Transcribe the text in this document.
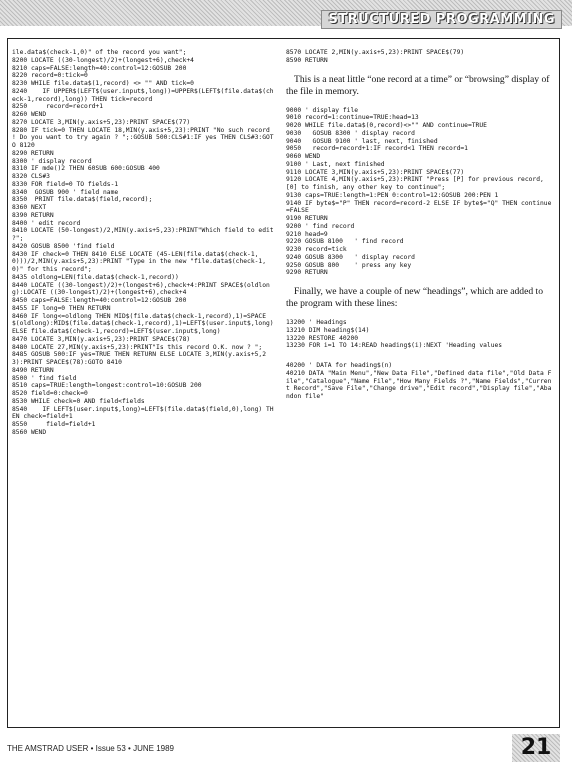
STRUCTURED PROGRAMMING
ile.data$(check-1,0)" of the record you want";
8200 LOCATE ((30-longest)/2)+(longest+6),check+4
8210 caps=FALSE:length=40:control=12:GOSUB 200
8220 record=0:tick=0
8230 WHILE file.data$(1,record) <> "" AND tick=0
8240    IF UPPER$(LEFT$(user.input$,long))=UPPER$(LEFT$(file.data$(check-1,record),long)) THEN tick=record
8250     record=record+1
8260 WEND
8270 LOCATE 3,MIN(y.axis+5,23):PRINT SPACE$(77)
8280 IF tick=0 THEN LOCATE 18,MIN(y.axis+5,23):PRINT "No such record ! Do you want to try again ? ";:GOSUB 500:CLS#1:IF yes THEN CLS#3:GOTO 8120
8290 RETURN
8300 ' display record
8310 IF mde()2 THEN 60SUB 600:GOSUB 400
8320 CLS#3
8330 FOR field=0 TO fields-1
8340  GOSUB 900 ' field name
8350  PRINT file.data$(field,record);
8360 NEXT
8390 RETURN
8400 ' edit record
8410 LOCATE (50-longest)/2,MIN(y.axis+5,23):PRINT"Which field to edit ?";
8420 GOSUB 8500 'find field
8430 IF check=0 THEN 8410 ELSE LOCATE (45-LEN(file.data$(check-1,0)))/2,MIN(y.axis+5,23):PRINT "Type in the new "file.data$(check-1,0)" for this record";
8435 oldlong=LEN(file.data$(check-1,record))
8440 LOCATE ((30-longest)/2)+(longest+6),check+4:PRINT SPACE$(oldlong):LOCATE ((30-longest)/2)+(longest+6),check+4
8450 caps=FALSE:length=40:control=12:GOSUB 200
8455 IF long=0 THEN RETURN
8460 IF long<=oldlong THEN MID$(file.data$(check-1,record),1)=SPACE$(oldlong):MID$(file.data$(check-1,record),1)=LEFT$(user.input$,long) ELSE file.data$(check-1,record)=LEFT$(user.input$,long)
8470 LOCATE 3,MIN(y.axis+5,23):PRINT SPACE$(78)
8480 LOCATE 27,MIN(y.axis+5,23):PRINT"Is this record O.K. now ? ";
8485 GOSUB 500:IF yes=TRUE THEN RETURN ELSE LOCATE 3,MIN(y.axis+5,23):PRINT SPACE$(78):GOTO 8410
8490 RETURN
8500 ' find field
8510 caps=TRUE:length=longest:control=10:GOSUB 200
8520 field=0:check=0
8530 WHILE check=0 AND field<fields
8540    IF LEFT$(user.input$,long)=LEFT$(file.data$(field,0),long) THEN check=field+1
8550     field=field+1
8560 WEND
8570 LOCATE 2,MIN(y.axis+5,23):PRINT SPACE$(79)
8590 RETURN

This is a neat little “one record at a time” or “browsing” display of the file in memory.

9000 ' display file
9010 record=1:continue=TRUE:head=13
9020 WHILE file.data$(0,record)<>"" AND continue=TRUE
9030   GOSUB 8300 ' display record
9040   GOSUB 9100 ' last, next, finished
9050   record=record+1:IF record<1 THEN record=1
9060 WEND
9100 ' Last, next finished
9110 LOCATE 3,MIN(y.axis+5,23):PRINT SPACE$(77)
9120 LOCATE 4,MIN(y.axis+5,23):PRINT "Press [P] for previous record, [0] to finish, any other key to continue";
9130 caps=TRUE:length=1:PEN 0:control=12:GOSUB 200:PEN 1
9140 IF byte$="P" THEN record=record-2 ELSE IF byte$="Q" THEN continue=FALSE
9190 RETURN
9200 ' find record
9210 head=9
9220 GOSUB 8100   ' find record
9230 record=tick
9240 GOSUB 8300   ' display record
9250 GOSUB 800    ' press any key
9290 RETURN

Finally, we have a couple of new “headings”, which are added to the program with these lines:

13200 ' Headings
13210 DIM heading$(14)
13220 RESTORE 40200
13230 FOR i=1 TO 14:READ heading$(i):NEXT 'Heading values
40200 ' DATA for heading$(n)
40210 DATA "Main Menu","New Data File","Defined data file","Old Data File","Catalogue","Name File","How Many Fields ?","Name Fields","Current Record","Save File","Change drive","Edit record","Display file","Abandon file"
THE AMSTRAD USER • Issue 53 • JUNE 1989	21
